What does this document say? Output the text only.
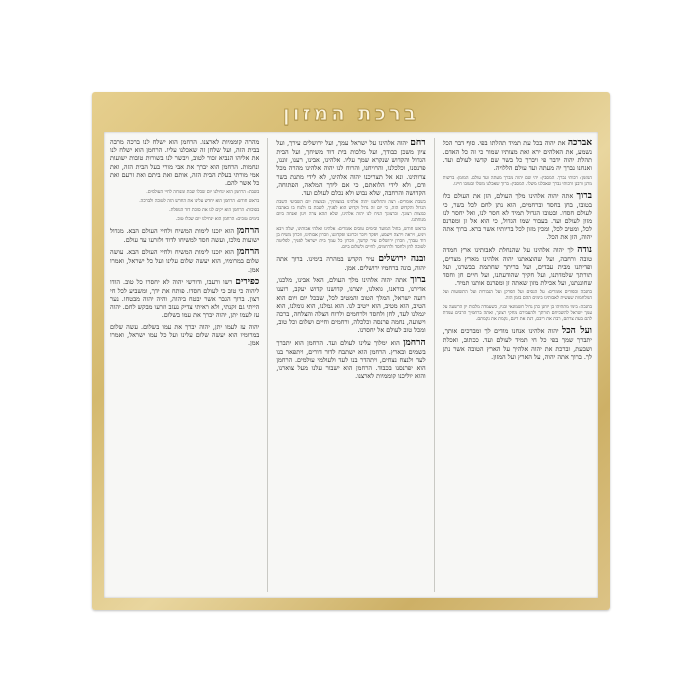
ברכת המזון

אברכה את יהוה בכל עת תמיד תהלתו בפי. סוף דבר הכל נשמע, את האלהים ירא ואת מצותיו שמור כי זה כל האדם. תהלת יהוה ידבר פי ויברך כל בשר שם קדשו לעולם ועד. ואנחנו נברך יה מעתה ועד עולם הללויה.

המזמן: רבותי נברך. המסבין: יהי שם יהוה מברך מעתה ועד עולם. המזמן: ברשות מרנן ורבנן ורבותי נברך שאכלנו משלו. המסבין: ברוך שאכלנו משלו ובטובו חיינו.

ברוך אתה יהוה אלהינו מלך העולם, הזן את העולם כלו בטובו, בחן בחסד וברחמים, הוא נתן לחם לכל בשר, כי לעולם חסדו. ובטובו הגדול תמיד לא חסר לנו, ואל יחסר לנו מזון לעולם ועד. בעבור שמו הגדול, כי הוא אל זן ומפרנס לכל, ומטיב לכל, ומכין מזון לכל בריותיו אשר ברא. ברוך אתה יהוה, הזן את הכל.

נודה לך יהוה אלהינו על שהנחלת לאבותינו ארץ חמדה טובה ורחבה, ועל שהוצאתנו יהוה אלהינו מארץ מצרים, ופדיתנו מבית עבדים, ועל בריתך שחתמת בבשרנו, ועל תורתך שלמדתנו, ועל חקיך שהודעתנו, ועל חיים חן וחסד שחוננתנו, ועל אכילת מזון שאתה זן ומפרנס אותנו תמיד.

בחנכה ובפורים אומרים: על הנסים ועל הפרקן ועל הגבורות ועל התשועות ועל המלחמות שעשית לאבותינו בימים ההם בזמן הזה.

בחנכה: בימי מתתיהו בן יוחנן כהן גדול חשמונאי ובניו, כשעמדה מלכות יון הרשעה על עמך ישראל להשכיחם תורתך ולהעבירם מחקי רצונך, ואתה ברחמיך הרבים עמדת להם בעת צרתם, רבת את ריבם, דנת את דינם, נקמת את נקמתם.

ועל הכל יהוה אלהינו אנחנו מודים לך ומברכים אותך, יתברך שמך בפי כל חי תמיד לעולם ועד. ככתוב, ואכלת ושבעת, וברכת את יהוה אלהיך על הארץ הטובה אשר נתן לך. ברוך אתה יהוה, על הארץ ועל המזון.

רחם יהוה אלהינו על ישראל עמך, ועל ירושלים עירך, ועל ציון משכן כבודך, ועל מלכות בית דוד משיחך, ועל הבית הגדול והקדוש שנקרא שמך עליו. אלהינו, אבינו, רענו, זוננו, פרנסנו, וכלכלנו, והרויחנו, והרוח לנו יהוה אלהינו מהרה מכל צרותינו. ונא אל תצריכנו יהוה אלהינו, לא לידי מתנת בשר ודם, ולא לידי הלואתם, כי אם לידך המלאה, הפתוחה, הקדושה והרחבה, שלא נבוש ולא נכלם לעולם ועד.

בשבת אומרים: רצה והחליצנו יהוה אלהינו במצותיך, ובמצות יום השביעי השבת הגדול והקדוש הזה, כי יום זה גדול וקדוש הוא לפניך, לשבת בו ולנוח בו באהבה כמצות רצונך. וברצונך הניח לנו יהוה אלהינו, שלא תהא צרה ויגון ואנחה ביום מנוחתנו.

בראש חודש, בחול המועד ובימים טובים אומרים: אלהינו ואלהי אבותינו, יעלה ויבא ויגיע, ויראה וירצה וישמע, ויפקד ויזכר זכרוננו ופקדוננו, וזכרון אבותינו, וזכרון משיח בן דוד עבדך, וזכרון ירושלים עיר קדשך, וזכרון כל עמך בית ישראל לפניך, לפליטה לטובה לחן ולחסד ולרחמים, לחיים ולשלום ביום.

ובנה ירושלים עיר הקדש במהרה בימינו. ברוך אתה יהוה, בונה ברחמיו ירושלים. אמן.

ברוך אתה יהוה אלהינו מלך העולם, האל אבינו, מלכנו, אדירנו, בוראנו, גואלנו, יוצרנו, קדושנו קדוש יעקב, רוענו רועה ישראל, המלך הטוב והמטיב לכל, שבכל יום ויום הוא הטיב, הוא מטיב, הוא ייטיב לנו. הוא גמלנו, הוא גומלנו, הוא יגמלנו לעד, לחן ולחסד ולרחמים ולרוח הצלה והצלחה, ברכה וישועה, נחמה פרנסה וכלכלה, ורחמים וחיים ושלום וכל טוב, ומכל טוב לעולם אל יחסרנו.

הרחמן הוא ימלוך עלינו לעולם ועד. הרחמן הוא יתברך בשמים ובארץ. הרחמן הוא ישתבח לדור דורים, ויתפאר בנו לעד ולנצח נצחים, ויתהדר בנו לעד ולעולמי עולמים. הרחמן הוא יפרנסנו בכבוד. הרחמן הוא ישבור עלנו מעל צוארנו, והוא יוליכנו קוממיות לארצנו.

מהרה קוממיות לארצנו. הרחמן הוא ישלח לנו ברכה מרבה בבית הזה, ועל שלחן זה שאכלנו עליו. הרחמן הוא ישלח לנו את אליהו הנביא זכור לטוב, ויבשר לנו בשורות טובות ישועות ונחמות. הרחמן הוא יברך את אבי מורי בעל הבית הזה, ואת אמי מורתי בעלת הבית הזה, אותם ואת ביתם ואת זרעם ואת כל אשר להם.

בשבת: הרחמן הוא ינחילנו יום שכלו שבת ומנוחה לחיי העולמים.

בראש חודש: הרחמן הוא יחדש עלינו את החדש הזה לטובה ולברכה.

בסוכות: הרחמן הוא יקים לנו את סוכת דוד הנופלת.

בימים טובים: הרחמן הוא ינחילנו יום שכלו טוב.

הרחמן הוא יזכנו לימות המשיח ולחיי העולם הבא. מגדול ישועות מלכו, ועשה חסד למשיחו לדוד ולזרעו עד עולם.

הרחמן הוא יזכנו לימות המשיח ולחיי העולם הבא. עושה שלום במרומיו, הוא יעשה שלום עלינו ועל כל ישראל, ואמרו אמן.

כפירים רשו ורעבו, ודורשי יהוה לא יחסרו כל טוב. הודו ליהוה כי טוב כי לעולם חסדו. פותח את ידך, ומשביע לכל חי רצון. ברוך הגבר אשר יבטח ביהוה, והיה יהוה מבטחו. נער הייתי גם זקנתי, ולא ראיתי צדיק נעזב וזרעו מבקש לחם. יהוה עז לעמו יתן, יהוה יברך את עמו בשלום.

יהוה עז לעמו יתן, יהוה יברך את עמו בשלום. עשה שלום במרומיו הוא יעשה שלום עלינו ועל כל עמו ישראל, ואמרו אמן.
